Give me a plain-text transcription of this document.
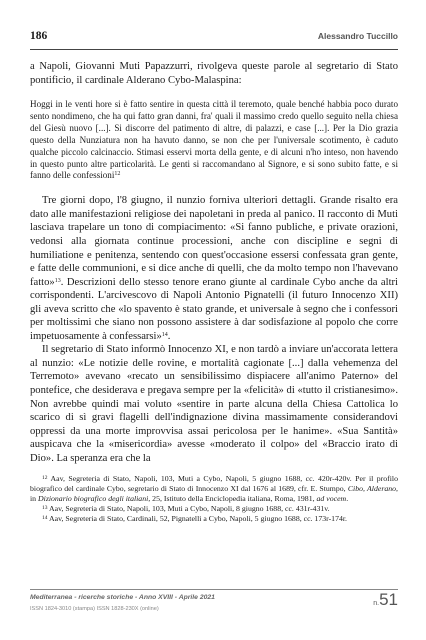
186	Alessandro Tuccillo

a Napoli, Giovanni Muti Papazzurri, rivolgeva queste parole al segretario di Stato pontificio, il cardinale Alderano Cybo-Malaspina:

Hoggi in le venti hore si è fatto sentire in questa città il teremoto, quale benché habbia poco durato sento nondimeno, che ha qui fatto gran danni, fra' quali il massimo credo quello seguito nella chiesa del Giesù nuovo [...]. Si discorre del patimento di altre, di palazzi, e case [...]. Per la Dio grazia questo della Nunziatura non ha havuto danno, se non che per l'universale scotimento, è caduto qualche piccolo calcinaccio. Stimasi esservi morta della gente, e di alcuni n'ho inteso, non havendo in questo punto altre particolarità. Le genti si raccomandano al Signore, e si sono subito fatte, e si fanno delle confessioni$^{12}$

Tre giorni dopo, l'8 giugno, il nunzio forniva ulteriori dettagli. Grande risalto era dato alle manifestazioni religiose dei napoletani in preda al panico. Il racconto di Muti lasciava trapelare un tono di compiacimento: «Si fanno publiche, e private orazioni, vedonsi alla giornata continue processioni, anche con discipline e segni di humiliatione e penitenza, sentendo con quest'occasione essersi confessata gran gente, e fatte delle communioni, e si dice anche di quelli, che da molto tempo non l'havevano fatto»$^{13}$. Descrizioni dello stesso tenore erano giunte al cardinale Cybo anche da altri corrispondenti. L'arcivescovo di Napoli Antonio Pignatelli (il futuro Innocenzo XII) gli aveva scritto che «lo spavento è stato grande, et universale à segno che i confessori per moltissimi che siano non possono assistere à dar sodisfazione al popolo che corre impetuosamente à confessarsi»$^{14}$.

Il segretario di Stato informò Innocenzo XI, e non tardò a inviare un'accorata lettera al nunzio: «Le notizie delle rovine, e mortalità cagionate [...] dalla vehemenza del Terremoto» avevano «recato un sensibilissimo dispiacere all'animo Paterno» del pontefice, che desiderava e pregava sempre per la «felicità» di «tutto il cristianesimo». Non avrebbe quindi mai voluto «sentire in parte alcuna della Chiesa Cattolica lo scarico di sì gravi flagelli dell'indignazione divina massimamente considerandovi oppressi da una morte improvvisa assai pericolosa per le hanime». «Sua Santità» auspicava che la «misericordia» avesse «moderato il colpo» del «Braccio irato di Dio». La speranza era che la

$^{12}$ Aav, Segreteria di Stato, Napoli, 103, Muti a Cybo, Napoli, 5 giugno 1688, cc. 420r-420v. Per il profilo biografico del cardinale Cybo, segretario di Stato di Innocenzo XI dal 1676 al 1689, cfr. E. Stumpo, Cibo, Alderano, in Dizionario biografico degli italiani, 25, Istituto della Enciclopedia italiana, Roma, 1981, ad vocem.

$^{13}$ Aav, Segreteria di Stato, Napoli, 103, Muti a Cybo, Napoli, 8 giugno 1688, cc. 431r-431v.

$^{14}$ Aav, Segreteria di Stato, Cardinali, 52, Pignatelli a Cybo, Napoli, 5 giugno 1688, cc. 173r-174r.

Mediterranea - ricerche storiche - Anno XVIII - Aprile 2021
ISSN 1824-3010 (stampa) ISSN 1828-230X (online)
n.51
